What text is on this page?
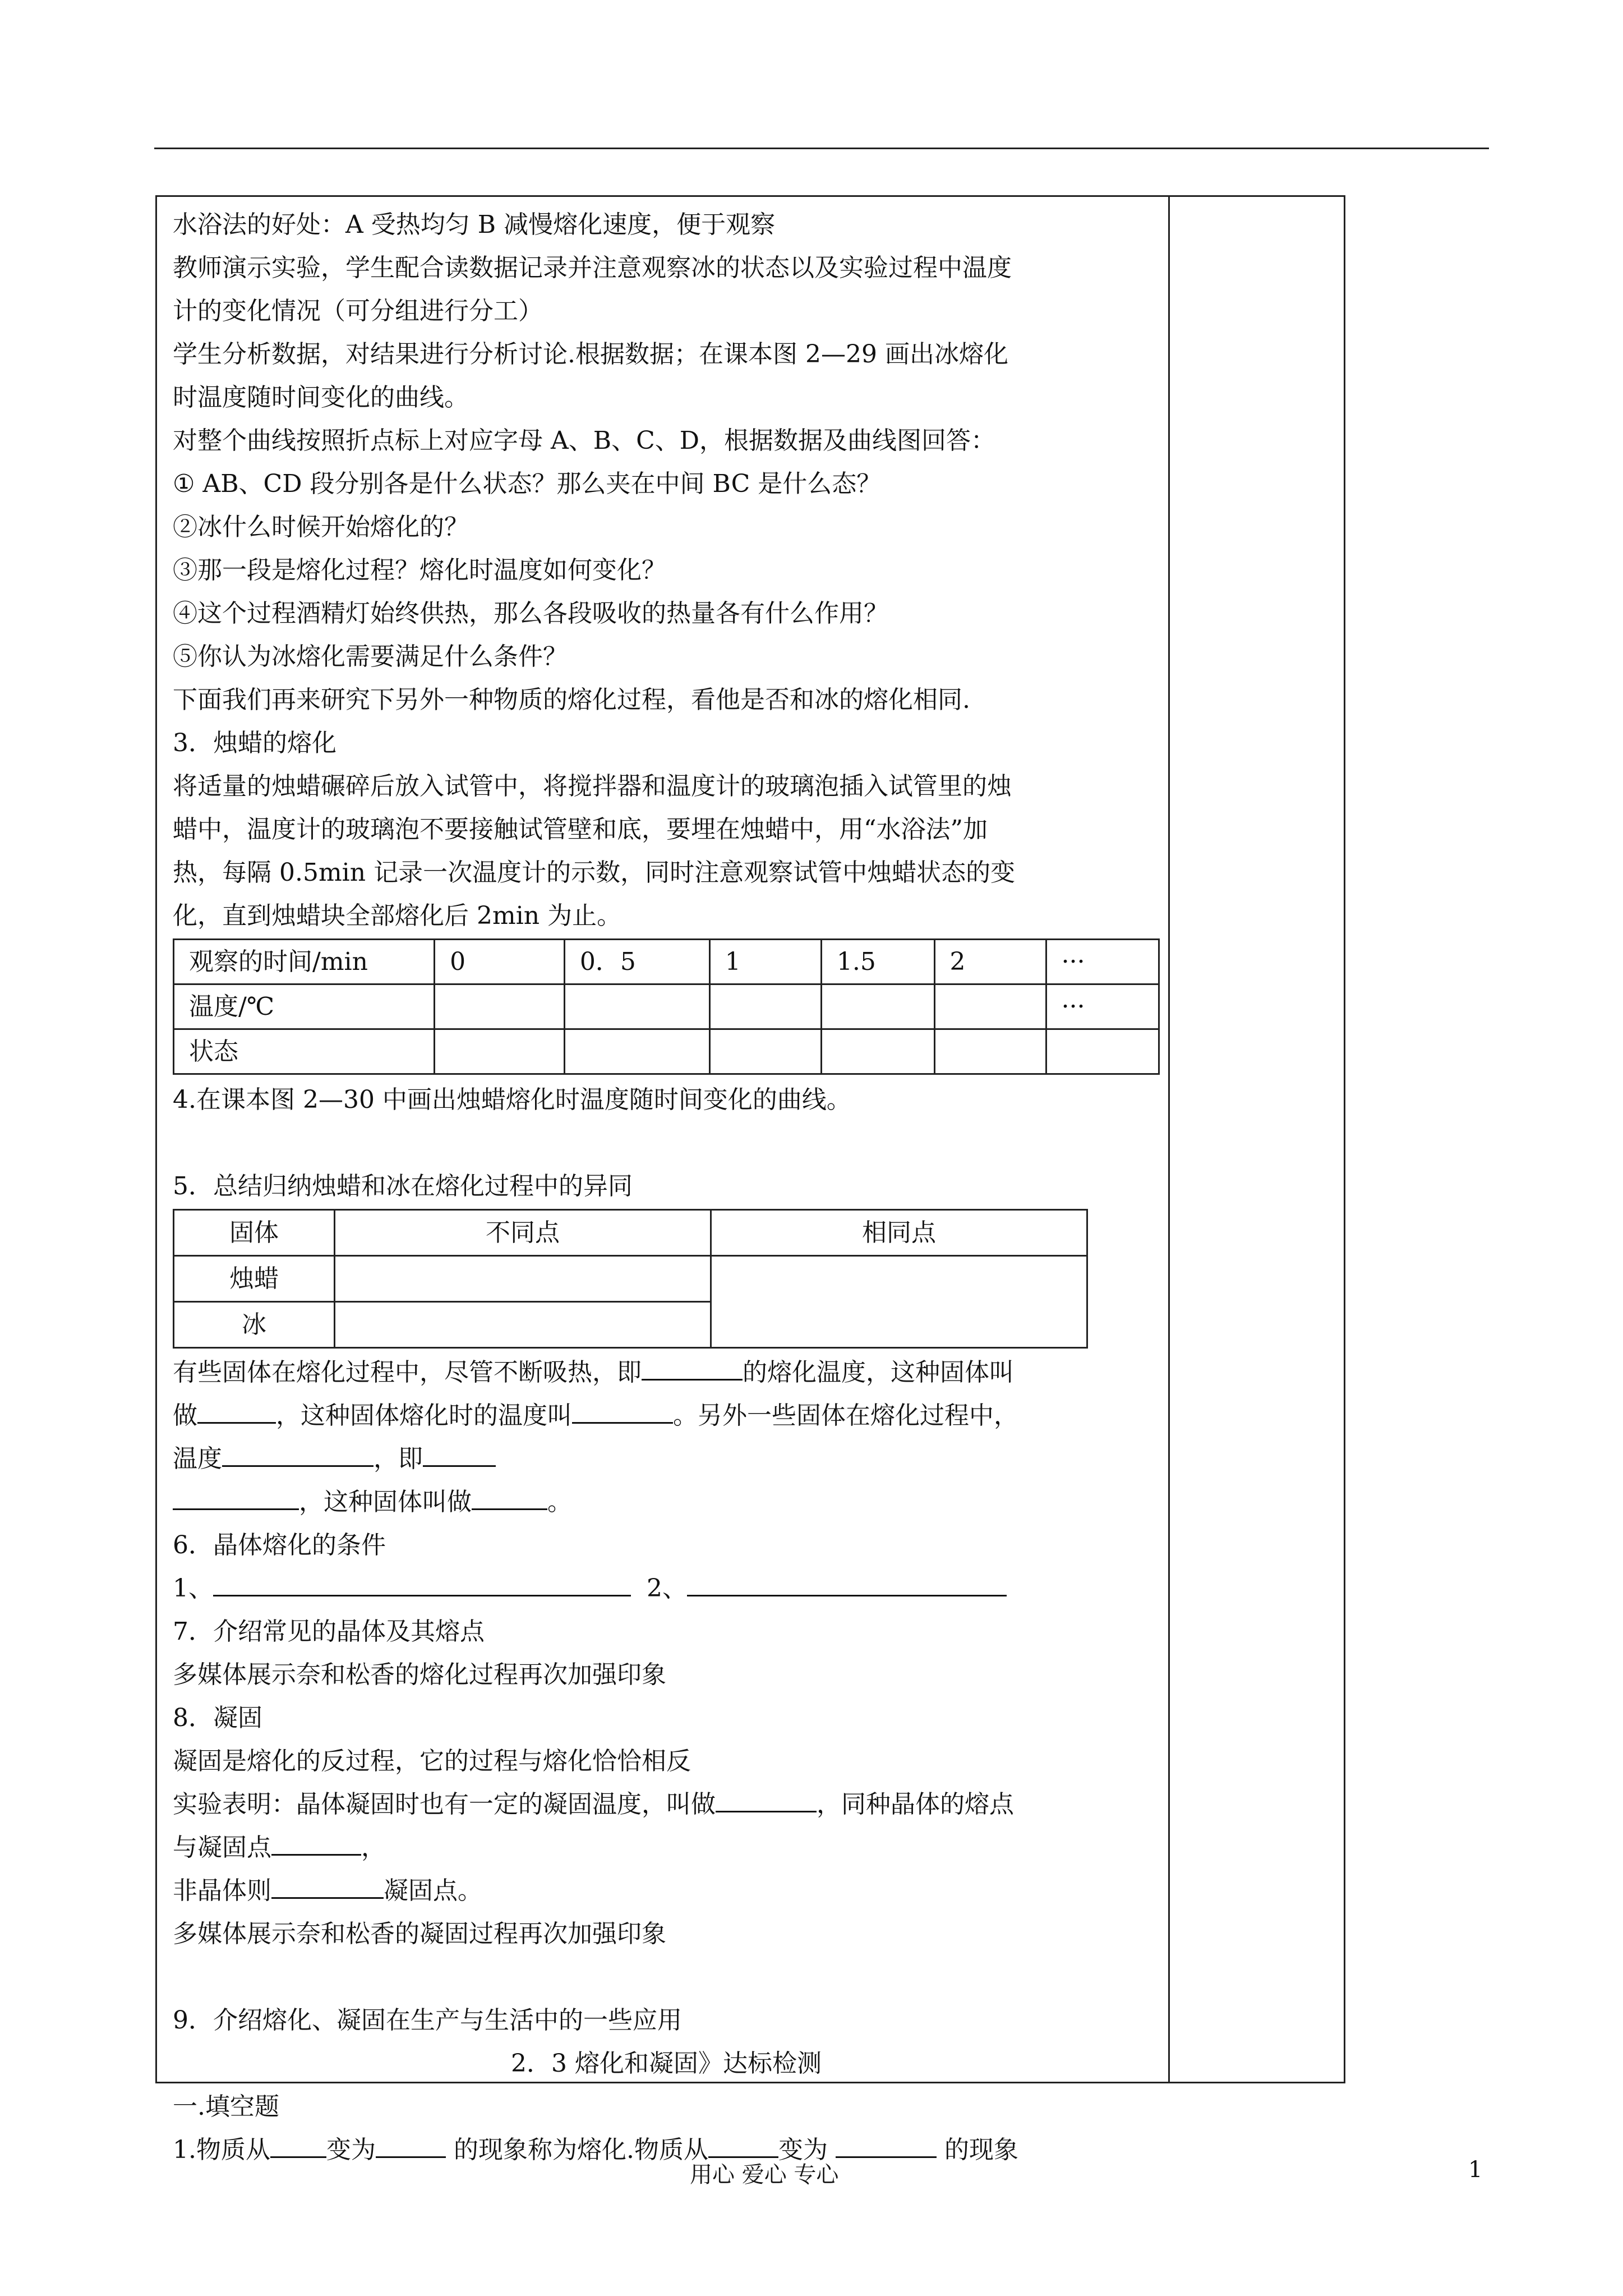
水浴法的好处：A 受热均匀 B 减慢熔化速度，便于观察
教师演示实验，学生配合读数据记录并注意观察冰的状态以及实验过程中温度
计的变化情况（可分组进行分工）
学生分析数据，对结果进行分析讨论.根据数据；在课本图 2—29 画出冰熔化
时温度随时间变化的曲线。
对整个曲线按照折点标上对应字母 A、B、C、D，根据数据及曲线图回答：
① AB、CD 段分别各是什么状态？那么夹在中间 BC 是什么态？
②冰什么时候开始熔化的？
③那一段是熔化过程？熔化时温度如何变化？
④这个过程酒精灯始终供热，那么各段吸收的热量各有什么作用？
⑤你认为冰熔化需要满足什么条件？
下面我们再来研究下另外一种物质的熔化过程，看他是否和冰的熔化相同.
3．烛蜡的熔化
将适量的烛蜡碾碎后放入试管中，将搅拌器和温度计的玻璃泡插入试管里的烛
蜡中，温度计的玻璃泡不要接触试管壁和底，要埋在烛蜡中，用“水浴法”加
热，每隔 0.5min 记录一次温度计的示数，同时注意观察试管中烛蜡状态的变
化，直到烛蜡块全部熔化后 2min 为止。
观察的时间/min	0	0．5	1	1.5	2	···
温度/℃						···
状态						
4.在课本图 2—30 中画出烛蜡熔化时温度随时间变化的曲线。
5．总结归纳烛蜡和冰在熔化过程中的异同
固体	不同点	相同点
烛蜡		
冰		
有些固体在熔化过程中，尽管不断吸热，即	的熔化温度，这种固体叫
做	，这种固体熔化时的温度叫	。另外一些固体在熔化过程中，
温度	，即
，这种固体叫做	。
6．晶体熔化的条件
1、	2、
7．介绍常见的晶体及其熔点
多媒体展示奈和松香的熔化过程再次加强印象
8．凝固
凝固是熔化的反过程，它的过程与熔化恰恰相反
实验表明：晶体凝固时也有一定的凝固温度，叫做	，同种晶体的熔点
与凝固点	，
非晶体则	凝固点。
多媒体展示奈和松香的凝固过程再次加强印象
9．介绍熔化、凝固在生产与生活中的一些应用
2．3 熔化和凝固》达标检测
一.填空题
1.物质从 变为	的现象称为熔化.物质从	变为	的现象
用心 爱心 专心	1
